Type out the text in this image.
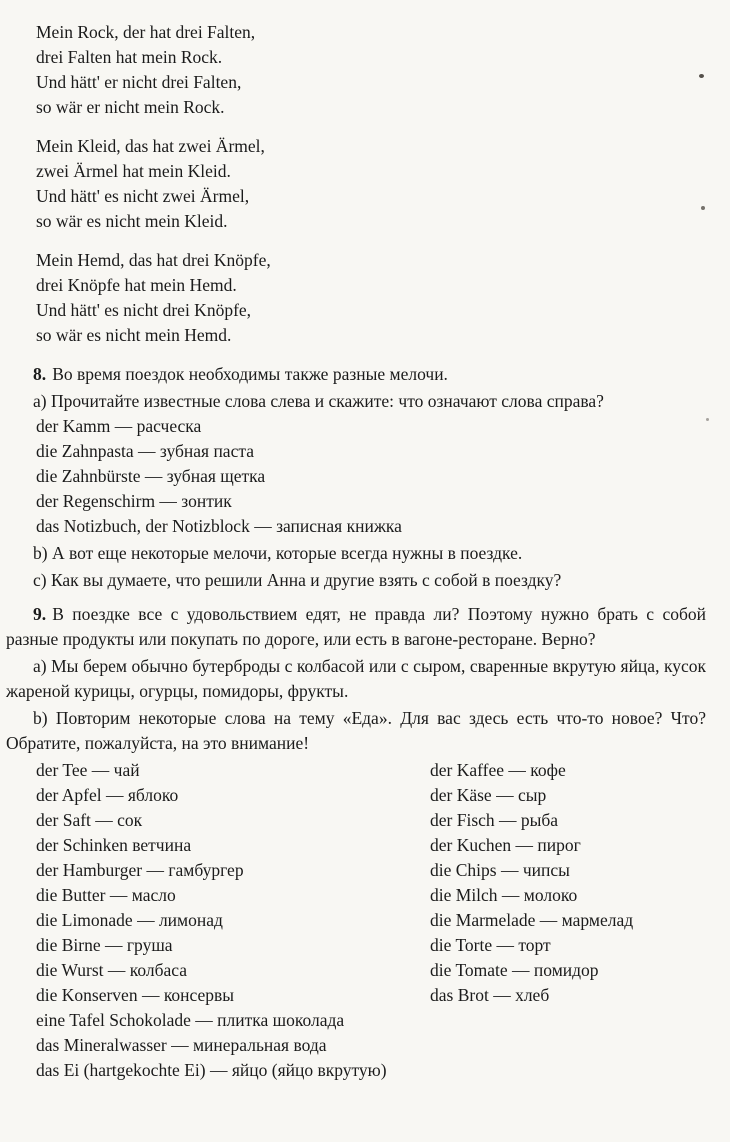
Mein Rock, der hat drei Falten,
drei Falten hat mein Rock.
Und hätt' er nicht drei Falten,
so wär er nicht mein Rock.
Mein Kleid, das hat zwei Ärmel,
zwei Ärmel hat mein Kleid.
Und hätt' es nicht zwei Ärmel,
so wär es nicht mein Kleid.
Mein Hemd, das hat drei Knöpfe,
drei Knöpfe hat mein Hemd.
Und hätt' es nicht drei Knöpfe,
so wär es nicht mein Hemd.

8. Во время поездок необходимы также разные мелочи.

a) Прочитайте известные слова слева и скажите: что означают слова справа?

der Kamm — расческа
die Zahnpasta — зубная паста
die Zahnbürste — зубная щетка
der Regenschirm — зонтик
das Notizbuch, der Notizblock — записная книжка

b) А вот еще некоторые мелочи, которые всегда нужны в поездке.

c) Как вы думаете, что решили Анна и другие взять с собой в поездку?

9. В поездке все с удовольствием едят, не правда ли? Поэтому нужно брать с собой разные продукты или покупать по дороге, или есть в вагоне-ресторане. Верно?

a) Мы берем обычно бутерброды с колбасой или с сыром, сваренные вкрутую яйца, кусок жареной курицы, огурцы, помидоры, фрукты.

b) Повторим некоторые слова на тему «Еда». Для вас здесь есть что-то новое? Что? Обратите, пожалуйста, на это внимание!

der Tee — чай
der Apfel — яблоко
der Saft — сок
der Schinken ветчина
der Hamburger — гамбургер
die Butter — масло
die Limonade — лимонад
die Birne — груша
die Wurst — колбаса
die Konserven — консервы
der Kaffee — кофе
der Käse — сыр
der Fisch — рыба
der Kuchen — пирог
die Chips — чипсы
die Milch — молоко
die Marmelade — мармелад
die Torte — торт
die Tomate — помидор
das Brot — хлеб
eine Tafel Schokolade — плитка шоколада
das Mineralwasser — минеральная вода
das Ei (hartgekochte Ei) — яйцо (яйцо вкрутую)
